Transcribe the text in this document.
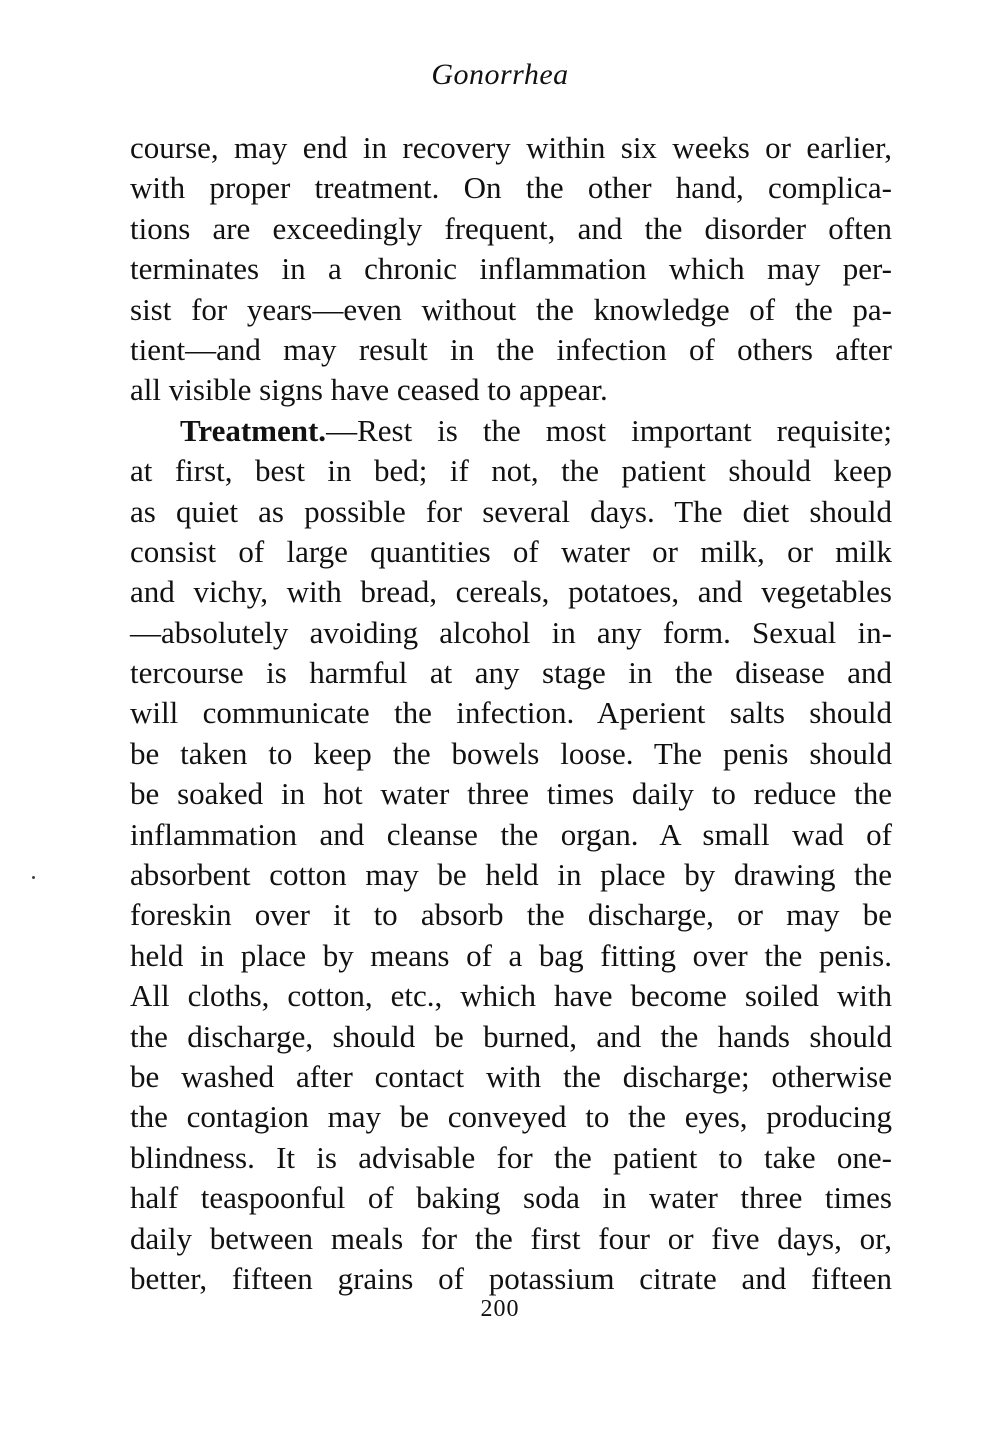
Gonorrhea
course, may end in recovery within six weeks or earlier,
with proper treatment. On the other hand, complica-
tions are exceedingly frequent, and the disorder often
terminates in a chronic inflammation which may per-
sist for years—even without the knowledge of the pa-
tient—and may result in the infection of others after
all visible signs have ceased to appear.
Treatment.—Rest is the most important requisite;
at first, best in bed; if not, the patient should keep
as quiet as possible for several days. The diet should
consist of large quantities of water or milk, or milk
and vichy, with bread, cereals, potatoes, and vegetables
—absolutely avoiding alcohol in any form. Sexual in-
tercourse is harmful at any stage in the disease and
will communicate the infection. Aperient salts should
be taken to keep the bowels loose. The penis should
be soaked in hot water three times daily to reduce the
inflammation and cleanse the organ. A small wad of
absorbent cotton may be held in place by drawing the
foreskin over it to absorb the discharge, or may be
held in place by means of a bag fitting over the penis.
All cloths, cotton, etc., which have become soiled with
the discharge, should be burned, and the hands should
be washed after contact with the discharge; otherwise
the contagion may be conveyed to the eyes, producing
blindness. It is advisable for the patient to take one-
half teaspoonful of baking soda in water three times
daily between meals for the first four or five days, or,
better, fifteen grains of potassium citrate and fifteen
200
